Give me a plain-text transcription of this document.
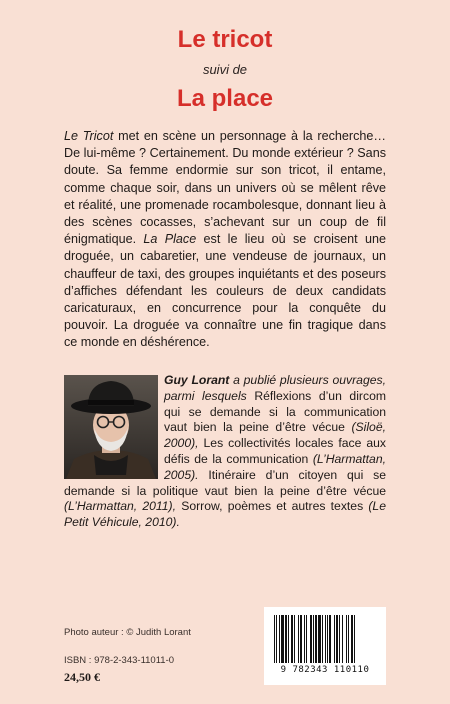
Le tricot
suivi de
La place

Le Tricot met en scène un personnage à la recherche… De lui-même ? Certainement. Du monde extérieur ? Sans doute. Sa femme endormie sur son tricot, il entame, comme chaque soir, dans un univers où se mêlent rêve et réalité, une promenade rocambolesque, donnant lieu à des scènes cocasses, s’achevant sur un coup de fil énigmatique. La Place est le lieu où se croisent une droguée, un cabaretier, une vendeuse de journaux, un chauffeur de taxi, des groupes inquiétants et des poseurs d’affiches défendant les couleurs de deux candidats caricaturaux, en concurrence pour la conquête du pouvoir. La droguée va connaître une fin tragique dans ce monde en déshérence.

Guy Lorant a publié plusieurs ouvrages, parmi lesquels Réflexions d’un dircom qui se demande si la communication vaut bien la peine d’être vécue (Siloë, 2000), Les collectivités locales face aux défis de la communication (L’Harmattan, 2005). Itinéraire d’un citoyen qui se demande si la politique vaut bien la peine d’être vécue (L’Harmattan, 2011), Sorrow, poèmes et autres textes (Le Petit Véhicule, 2010).

Photo auteur : © Judith Lorant
ISBN : 978-2-343-11011-0
24,50 €	9 782343 110110
